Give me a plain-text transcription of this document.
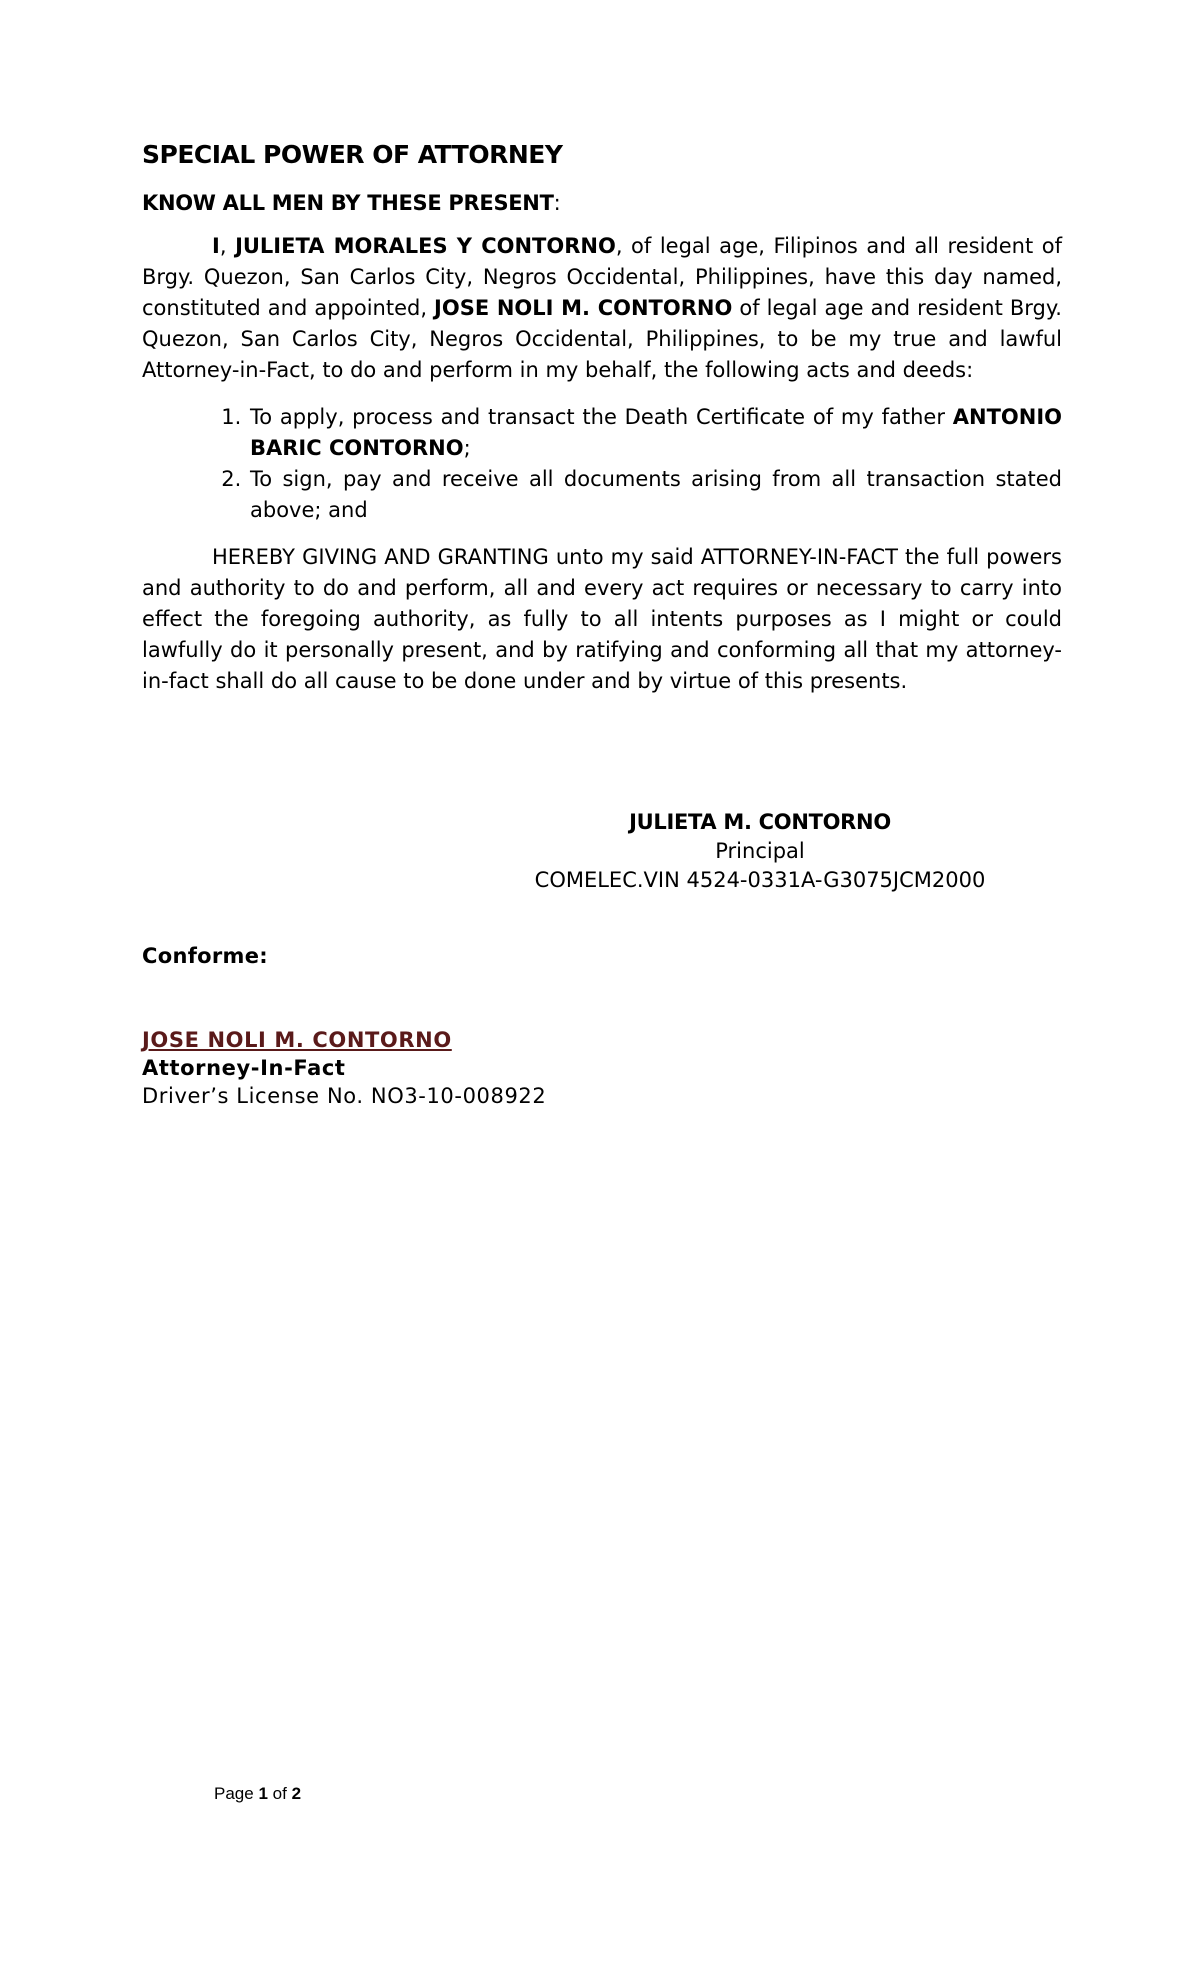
SPECIAL POWER OF ATTORNEY
KNOW ALL MEN BY THESE PRESENT:

I, JULIETA MORALES Y CONTORNO, of legal age, Filipinos and all resident of Brgy. Quezon, San Carlos City, Negros Occidental, Philippines, have this day named, constituted and appointed, JOSE NOLI M. CONTORNO of legal age and resident Brgy. Quezon, San Carlos City, Negros Occidental, Philippines, to be my true and lawful Attorney-in-Fact, to do and perform in my behalf, the following acts and deeds:

1. To apply, process and transact the Death Certificate of my father ANTONIO BARIC CONTORNO;
2. To sign, pay and receive all documents arising from all transaction stated above; and

HEREBY GIVING AND GRANTING unto my said ATTORNEY-IN-FACT the full powers and authority to do and perform, all and every act requires or necessary to carry into effect the foregoing authority, as fully to all intents purposes as I might or could lawfully do it personally present, and by ratifying and conforming all that my attorney-in-fact shall do all cause to be done under and by virtue of this presents.

JULIETA M. CONTORNO
Principal
COMELEC.VIN 4524-0331A-G3075JCM2000
Conforme:
JOSE NOLI M. CONTORNO
Attorney-In-Fact
Driver’s License No. NO3-10-008922
Page 1 of 2
